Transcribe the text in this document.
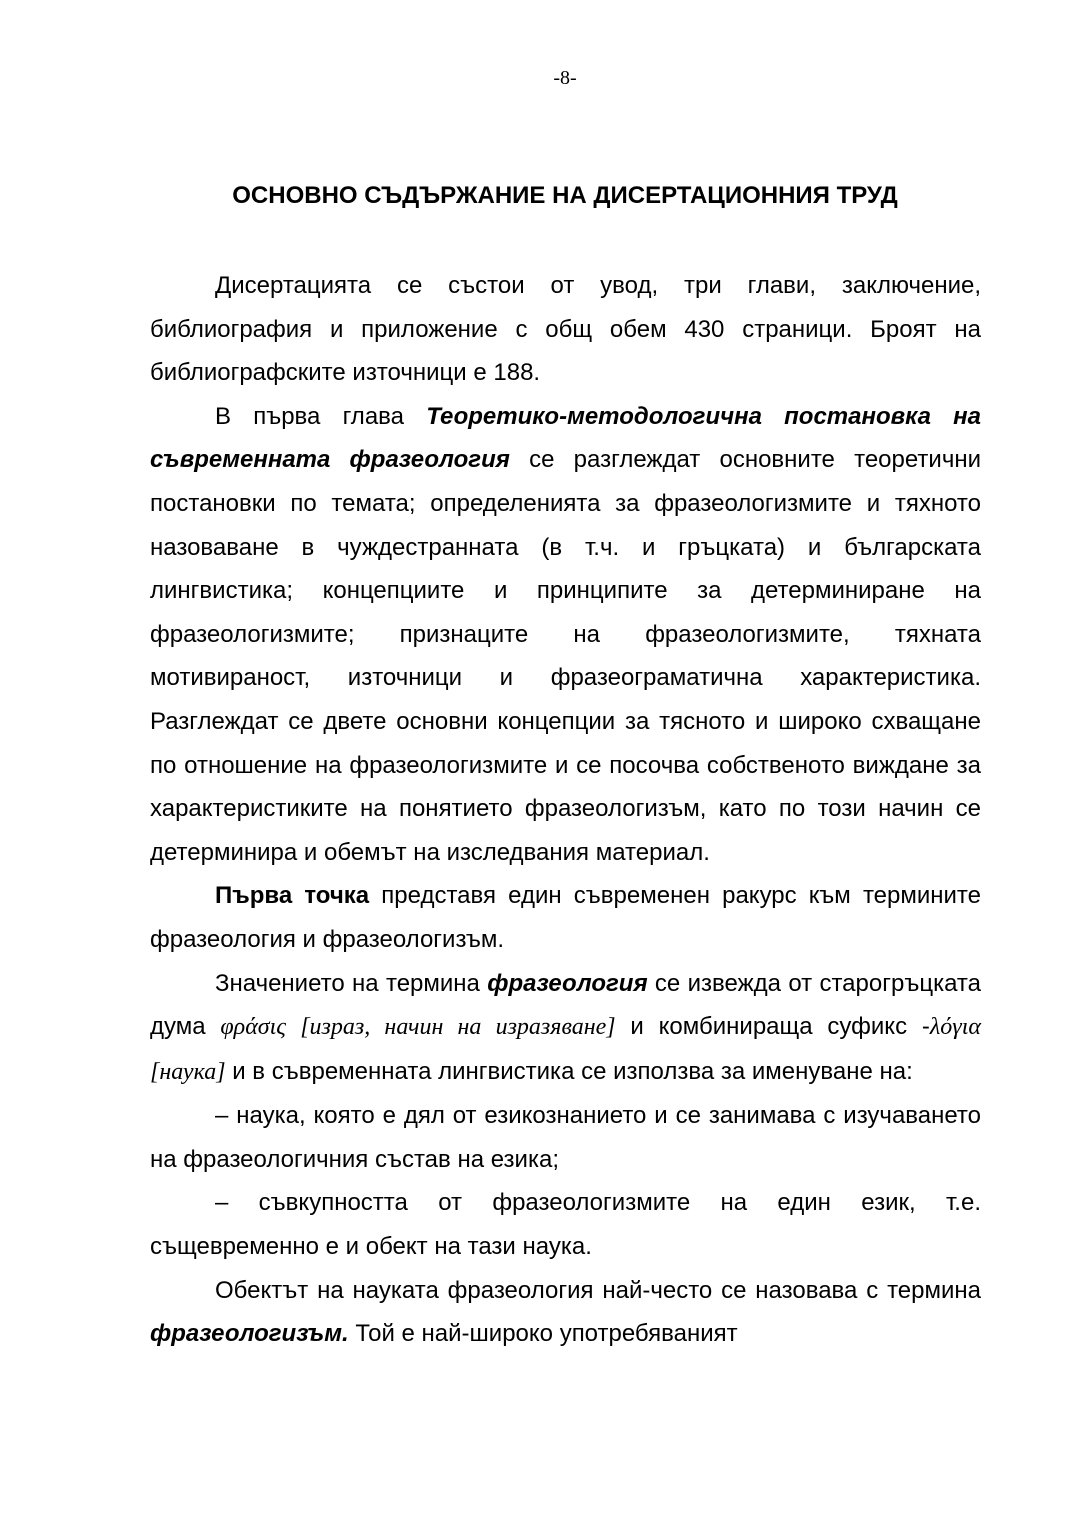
-8-
ОСНОВНО СЪДЪРЖАНИЕ НА ДИСЕРТАЦИОННИЯ ТРУД

Дисертацията се състои от увод, три глави, заключение, библиография и приложение с общ обем 430 страници. Броят на библиографските източници е 188.

В първа глава Теоретико-методологична постановка на съвременната фразеология се разглеждат основните теоретични постановки по темата; определенията за фразеологизмите и тяхното назоваване в чуждестранната (в т.ч. и гръцката) и българската лингвистика; концепциите и принципите за детерминиране на фразеологизмите; признаците на фразеологизмите, тяхната мотивираност, източници и фразеограматична характеристика. Разглеждат се двете основни концепции за тясното и широко схващане по отношение на фразеологизмите и се посочва собственото виждане за характеристиките на понятието фразеологизъм, като по този начин се детерминира и обемът на изследвания материал.

Първа точка представя един съвременен ракурс към термините фразеология и фразеологизъм.

Значението на термина фразеология се извежда от старогръцката дума φράσις [израз, начин на изразяване] и комбинираща суфикс -λόγια [наука] и в съвременната лингвистика се използва за именуване на:

– наука, която е дял от езикознанието и се занимава с изучаването на фразеологичния състав на езика;

– съвкупността от фразеологизмите на един език, т.е. същевременно е и обект на тази наука.

Обектът на науката фразеология най-често се назовава с термина фразеологизъм. Той е най-широко употребяваният
